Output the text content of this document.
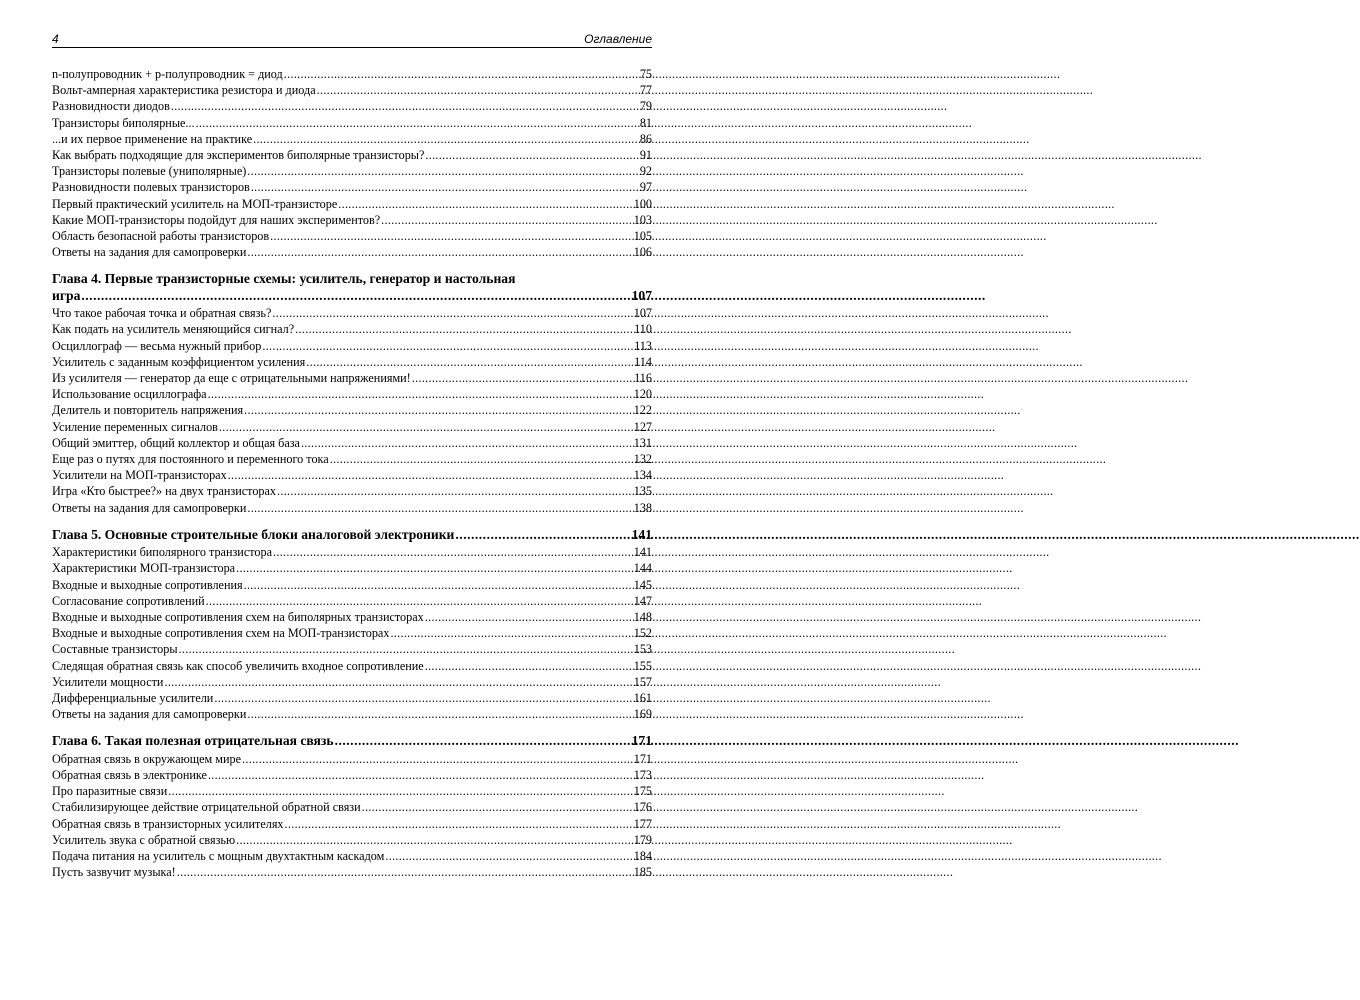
4	Оглавление
n-полупроводник + p-полупроводник = диод .....	75
Вольт-амперная характеристика резистора и диода .....	77
Разновидности диодов .....	79
Транзисторы биполярные... .....	81
...и их первое применение на практике .....	86
Как выбрать подходящие для экспериментов биполярные транзисторы? .....	91
Транзисторы полевые (униполярные) .....	92
Разновидности полевых транзисторов .....	97
Первый практический усилитель на МОП-транзисторе .....	100
Какие МОП-транзисторы подойдут для наших экспериментов? .....	103
Область безопасной работы транзисторов .....	105
Ответы на задания для самопроверки .....	106
Глава 4. Первые транзисторные схемы: усилитель, генератор и настольная
игра .....	107
Что такое рабочая точка и обратная связь? .....	107
Как подать на усилитель меняющийся сигнал? .....	110
Осциллограф — весьма нужный прибор .....	113
Усилитель с заданным коэффициентом усиления .....	114
Из усилителя — генератор да еще с отрицательными напряжениями! .....	116
Использование осциллографа .....	120
Делитель и повторитель напряжения .....	122
Усиление переменных сигналов .....	127
Общий эмиттер, общий коллектор и общая база .....	131
Еще раз о путях для постоянного и переменного тока .....	132
Усилители на МОП-транзисторах .....	134
Игра «Кто быстрее?» на двух транзисторах .....	135
Ответы на задания для самопроверки .....	138
Глава 5. Основные строительные блоки аналоговой электроники .....	141
Характеристики биполярного транзистора .....	141
Характеристики МОП-транзистора .....	144
Входные и выходные сопротивления .....	145
Согласование сопротивлений .....	147
Входные и выходные сопротивления схем на биполярных транзисторах .....	148
Входные и выходные сопротивления схем на МОП-транзисторах .....	152
Составные транзисторы .....	153
Следящая обратная связь как способ увеличить входное сопротивление .....	155
Усилители мощности .....	157
Дифференциальные усилители .....	161
Ответы на задания для самопроверки .....	169
Глава 6. Такая полезная отрицательная связь .....	171
Обратная связь в окружающем мире .....	171
Обратная связь в электронике .....	173
Про паразитные связи .....	175
Стабилизирующее действие отрицательной обратной связи .....	176
Обратная связь в транзисторных усилителях .....	177
Усилитель звука с обратной связью .....	179
Подача питания на усилитель с мощным двухтактным каскадом .....	184
Пусть зазвучит музыка! .....	185
